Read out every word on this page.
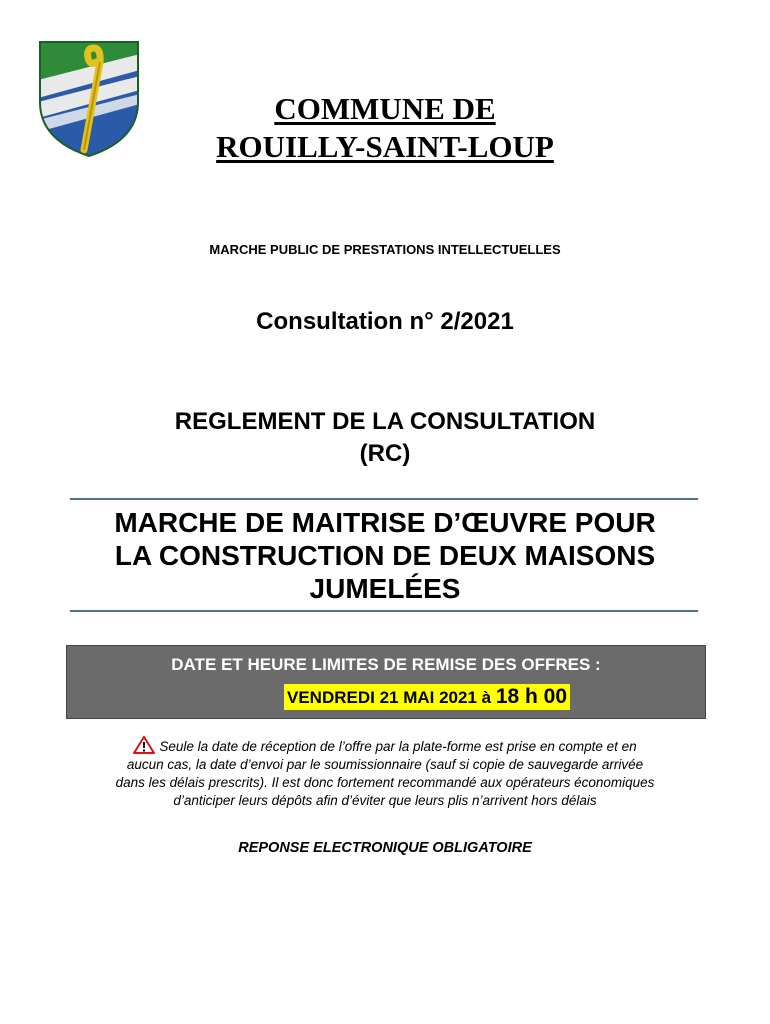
COMMUNE DE
ROUILLY-SAINT-LOUP
MARCHE PUBLIC DE PRESTATIONS INTELLECTUELLES
Consultation n° 2/2021
REGLEMENT DE LA CONSULTATION
(RC)
MARCHE DE MAITRISE D’ŒUVRE POUR
LA CONSTRUCTION DE DEUX MAISONS
JUMELÉES
DATE ET HEURE LIMITES DE REMISE DES OFFRES :
VENDREDI 21 MAI 2021 à 18 h 00
Seule la date de réception de l’offre par la plate-forme est prise en compte et en
aucun cas, la date d’envoi par le soumissionnaire (sauf si copie de sauvegarde arrivée
dans les délais prescrits). Il est donc fortement recommandé aux opérateurs économiques
d’anticiper leurs dépôts afin d’éviter que leurs plis n’arrivent hors délais
REPONSE ELECTRONIQUE OBLIGATOIRE
